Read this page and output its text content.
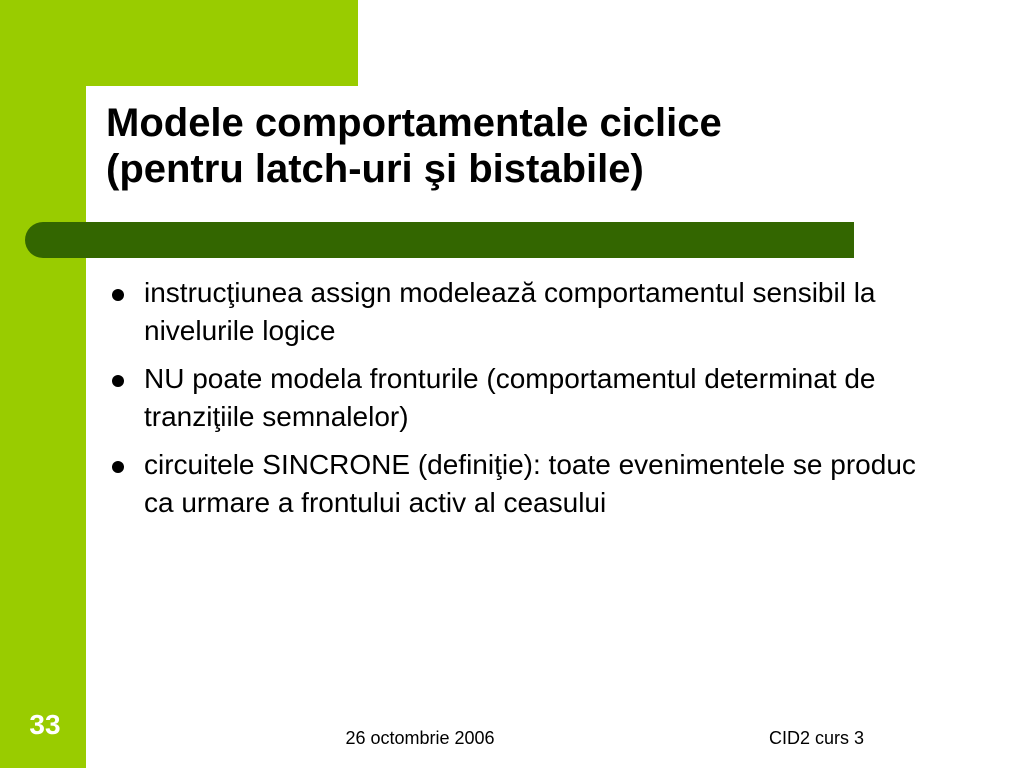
Modele comportamentale ciclice
(pentru latch-uri şi bistabile)
instrucţiunea assign modelează comportamentul sensibil la nivelurile logice
NU poate modela fronturile (comportamentul determinat de tranziţiile semnalelor)
circuitele SINCRONE (definiţie): toate evenimentele se produc ca urmare a frontului activ al ceasului
33	26 octombrie 2006	CID2 curs 3
